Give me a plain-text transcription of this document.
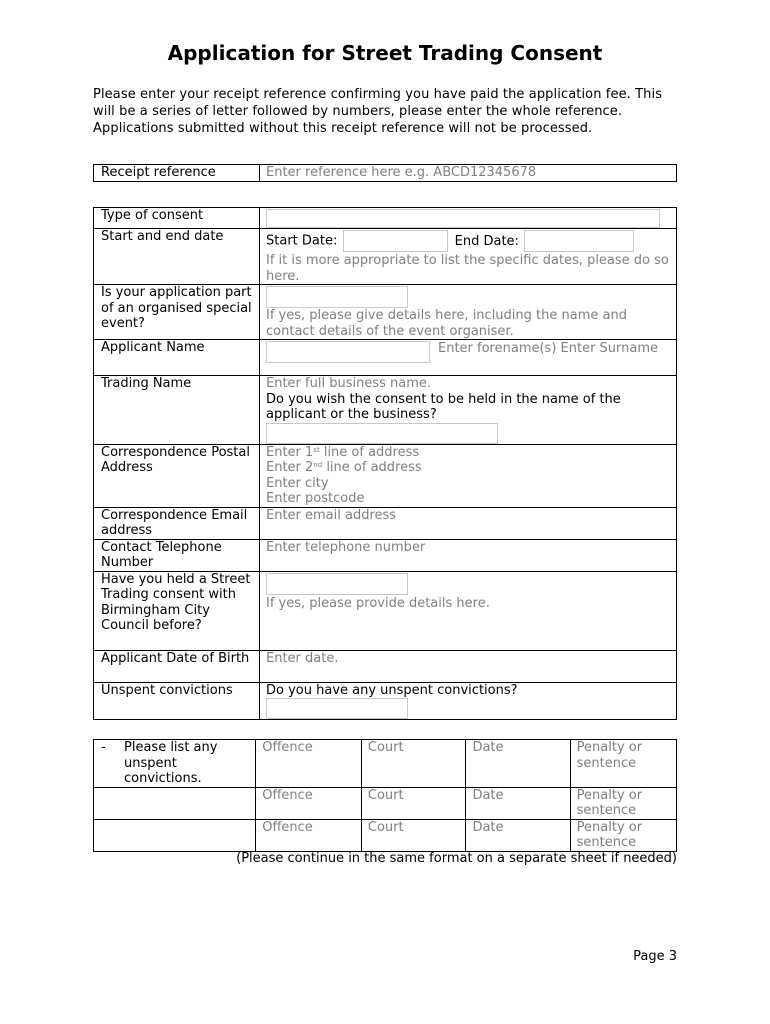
Application for Street Trading Consent

Please enter your receipt reference confirming you have paid the application fee. This will be a series of letter followed by numbers, please enter the whole reference. Applications submitted without this receipt reference will not be processed.

Receipt reference	Enter reference here e.g. ABCD12345678
Type of consent	
Start and end date	Start Date: End Date:
If it is more appropriate to list the specific dates, please do so here.

Is your application part of an organised special event?	If yes, please give details here, including the name and contact details of the event organiser.

Applicant Name	Enter forename(s) Enter Surname
Trading Name	Enter full business name.
Do you wish the consent to be held in the name of the applicant or the business?

Correspondence Postal Address	Enter 1st line of address
Enter 2nd line of address
Enter city
Enter postcode

Correspondence Email address	Enter email address
Contact Telephone Number	Enter telephone number
Have you held a Street Trading consent with Birmingham City Council before?	If yes, please provide details here.

Applicant Date of Birth	Enter date.
Unspent convictions	Do you have any unspent convictions?
- Please list any unspent convictions.	Offence	Court	Date	Penalty or sentence
	Offence	Court	Date	Penalty or sentence
	Offence	Court	Date	Penalty or sentence
(Please continue in the same format on a separate sheet if needed)
Page 3
